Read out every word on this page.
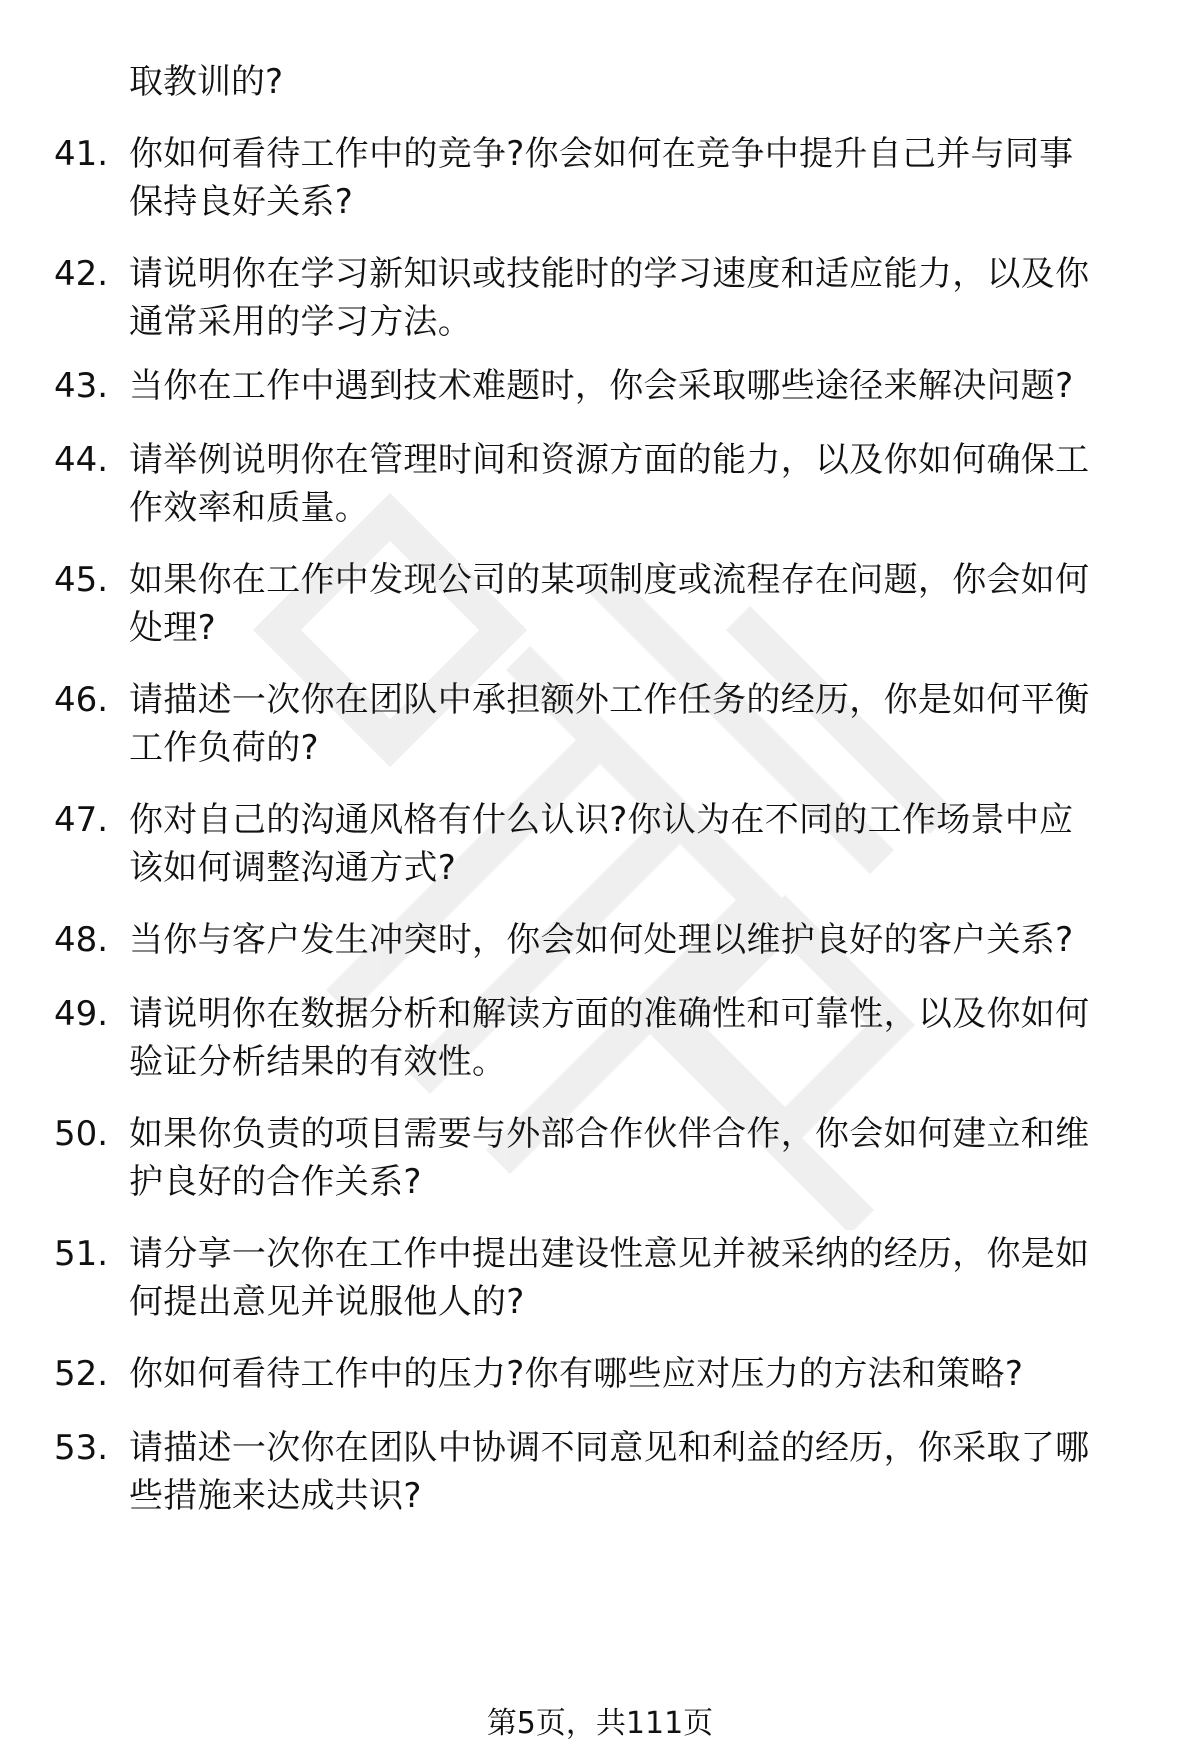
取教训的?
41. 你如何看待工作中的竞争?你会如何在竞争中提升自己并与同事
保持良好关系?
42. 请说明你在学习新知识或技能时的学习速度和适应能力，以及你
通常采用的学习方法。
43. 当你在工作中遇到技术难题时，你会采取哪些途径来解决问题?
44. 请举例说明你在管理时间和资源方面的能力，以及你如何确保工
作效率和质量。
45. 如果你在工作中发现公司的某项制度或流程存在问题，你会如何
处理?
46. 请描述一次你在团队中承担额外工作任务的经历，你是如何平衡
工作负荷的?
47. 你对自己的沟通风格有什么认识?你认为在不同的工作场景中应
该如何调整沟通方式?
48. 当你与客户发生冲突时，你会如何处理以维护良好的客户关系?
49. 请说明你在数据分析和解读方面的准确性和可靠性，以及你如何
验证分析结果的有效性。
50. 如果你负责的项目需要与外部合作伙伴合作，你会如何建立和维
护良好的合作关系?
51. 请分享一次你在工作中提出建设性意见并被采纳的经历，你是如
何提出意见并说服他人的?
52. 你如何看待工作中的压力?你有哪些应对压力的方法和策略?
53. 请描述一次你在团队中协调不同意见和利益的经历，你采取了哪
些措施来达成共识?
第5页，共111页
